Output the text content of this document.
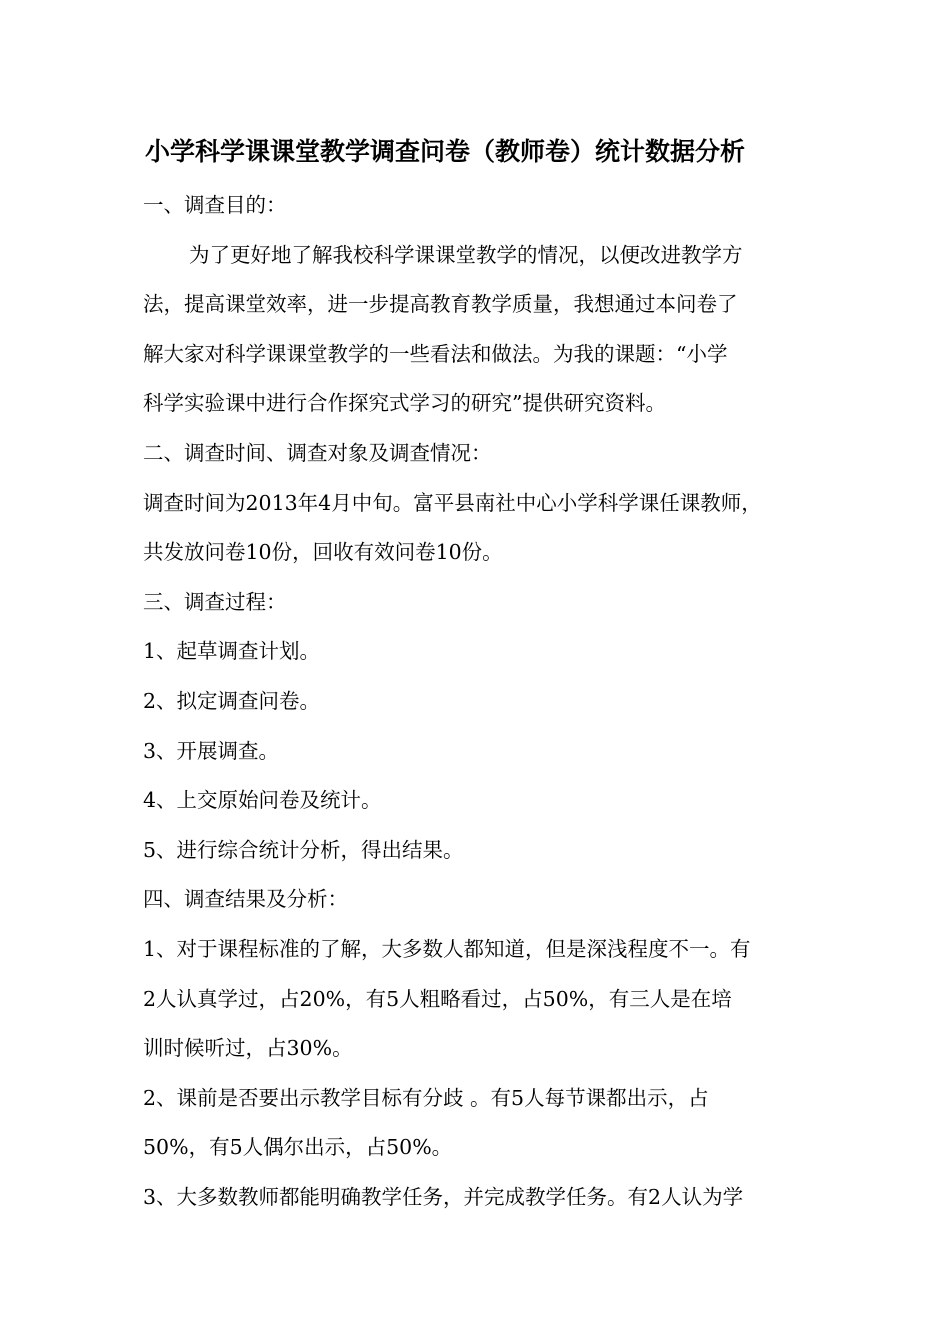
小学科学课课堂教学调查问卷（教师卷）统计数据分析
一、调查目的：
为了更好地了解我校科学课课堂教学的情况，以便改进教学方
法，提高课堂效率，进一步提高教育教学质量，我想通过本问卷了
解大家对科学课课堂教学的一些看法和做法。为我的课题：“小学
科学实验课中进行合作探究式学习的研究”提供研究资料。
二、调查时间、调查对象及调查情况：
调查时间为2013年4月中旬。富平县南社中心小学科学课任课教师，
共发放问卷10份，回收有效问卷10份。
三、调查过程：
1、起草调查计划。
2、拟定调查问卷。
3、开展调查。
4、上交原始问卷及统计。
5、进行综合统计分析，得出结果。
四、调查结果及分析：
1、对于课程标准的了解，大多数人都知道，但是深浅程度不一。有
2人认真学过，占20%，有5人粗略看过，占50%，有三人是在培
训时候听过，占30%。
2、课前是否要出示教学目标有分歧 。有5人每节课都出示，占
50%，有5人偶尔出示，占50%。
3、大多数教师都能明确教学任务，并完成教学任务。有2人认为学
